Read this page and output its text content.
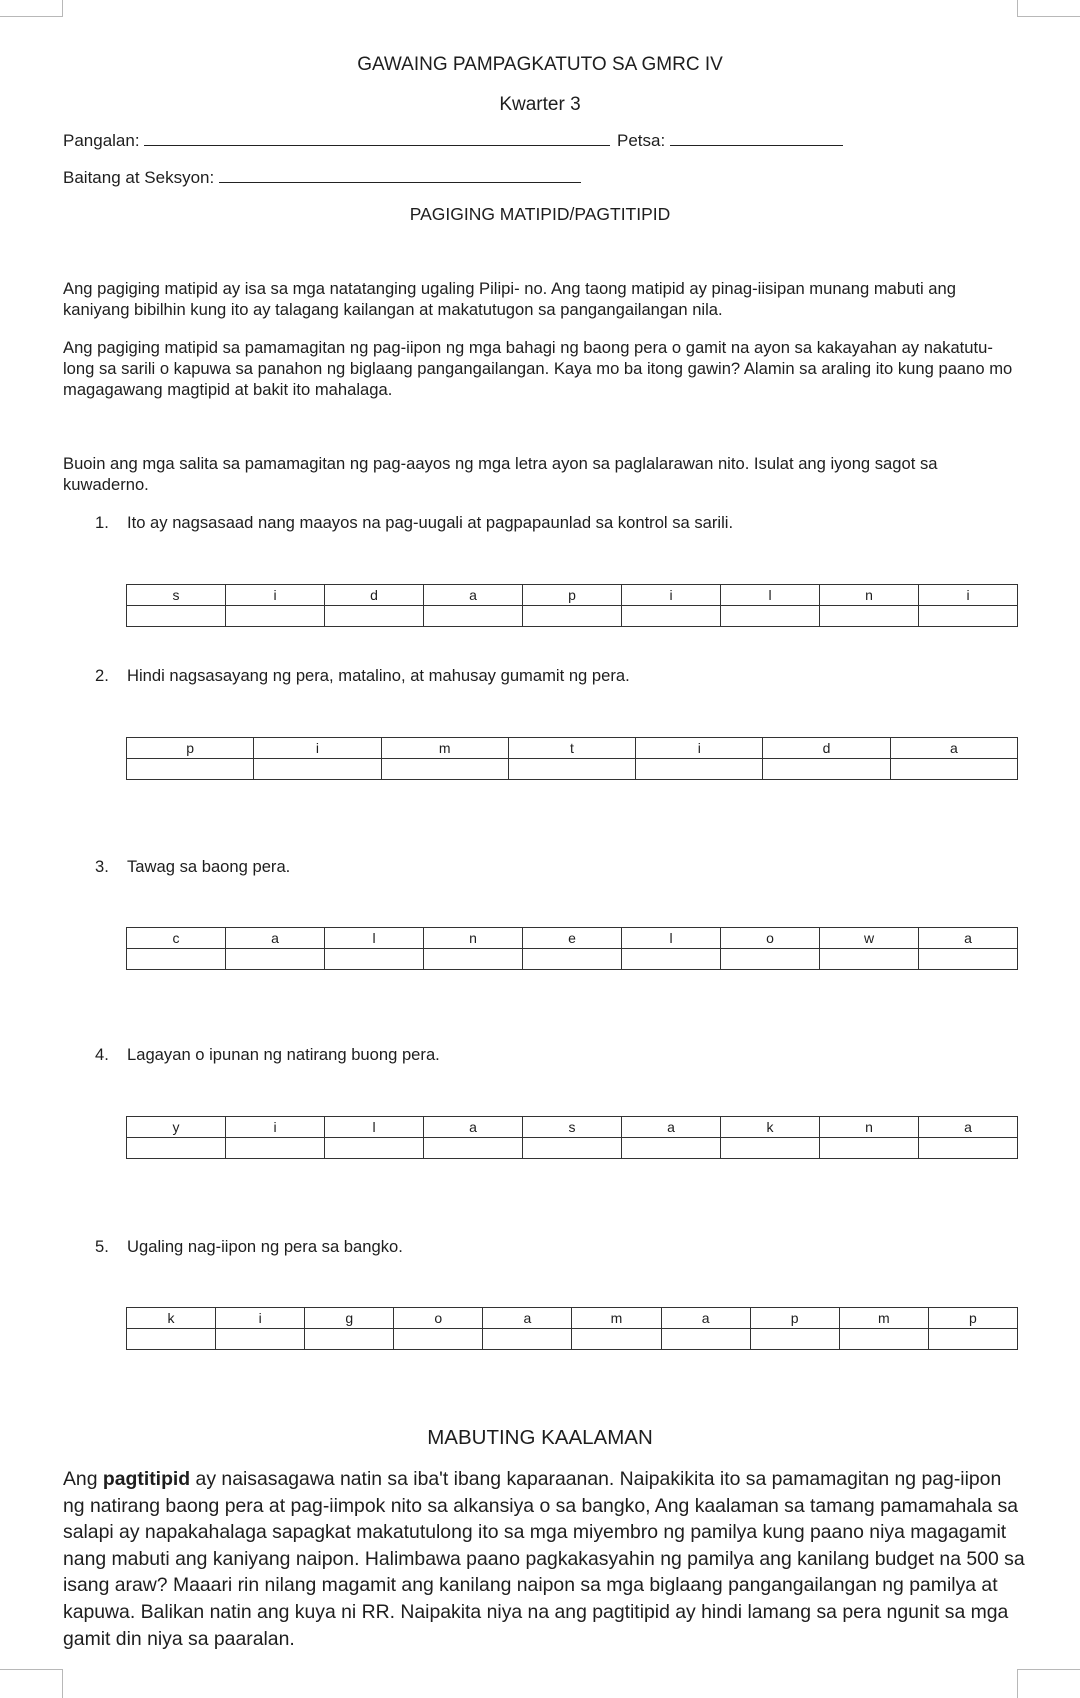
GAWAING PAMPAGKATUTO SA GMRC IV
Kwarter 3
Pangalan:	Petsa:
Baitang at Seksyon:
PAGIGING MATIPID/PAGTITIPID

Ang pagiging matipid ay isa sa mga natatanging ugaling Pilipi- no. Ang taong matipid ay pinag-iisipan munang mabuti ang kaniyang bibilhin kung ito ay talagang kailangan at makatutugon sa pangangailangan nila.

Ang pagiging matipid sa pamamagitan ng pag-iipon ng mga bahagi ng baong pera o gamit na ayon sa kakayahan ay nakatutu- long sa sarili o kapuwa sa panahon ng biglaang pangangailangan. Kaya mo ba itong gawin? Alamin sa araling ito kung paano mo magagawang magtipid at bakit ito mahalaga.

Buoin ang mga salita sa pamamagitan ng pag-aayos ng mga letra ayon sa paglalarawan nito. Isulat ang iyong sagot sa kuwaderno.

1. Ito ay nagsasaad nang maayos na pag-uugali at pagpapaunlad sa kontrol sa sarili.
s	i	d	a	p	i	l	n	i

2. Hindi nagsasayang ng pera, matalino, at mahusay gumamit ng pera.
p	i	m	t	i	d	a

3. Tawag sa baong pera.
c	a	l	n	e	l	o	w	a

4. Lagayan o ipunan ng natirang buong pera.
y	i	l	a	s	a	k	n	a

5. Ugaling nag-iipon ng pera sa bangko.
k	i	g	o	a	m	a	p	m	p

MABUTING KAALAMAN

Ang pagtitipid ay naisasagawa natin sa iba't ibang kaparaanan. Naipakikita ito sa pamamagitan ng pag-iipon ng natirang baong pera at pag-iimpok nito sa alkansiya o sa bangko, Ang kaalaman sa tamang pamamahala sa salapi ay napakahalaga sapagkat makatutulong ito sa mga miyembro ng pamilya kung paano niya magagamit nang mabuti ang kaniyang naipon. Halimbawa paano pagkakasyahin ng pamilya ang kanilang budget na 500 sa isang araw? Maaari rin nilang magamit ang kanilang naipon sa mga biglaang pangangailangan ng pamilya at kapuwa. Balikan natin ang kuya ni RR. Naipakita niya na ang pagtitipid ay hindi lamang sa pera ngunit sa mga gamit din niya sa paaralan.
